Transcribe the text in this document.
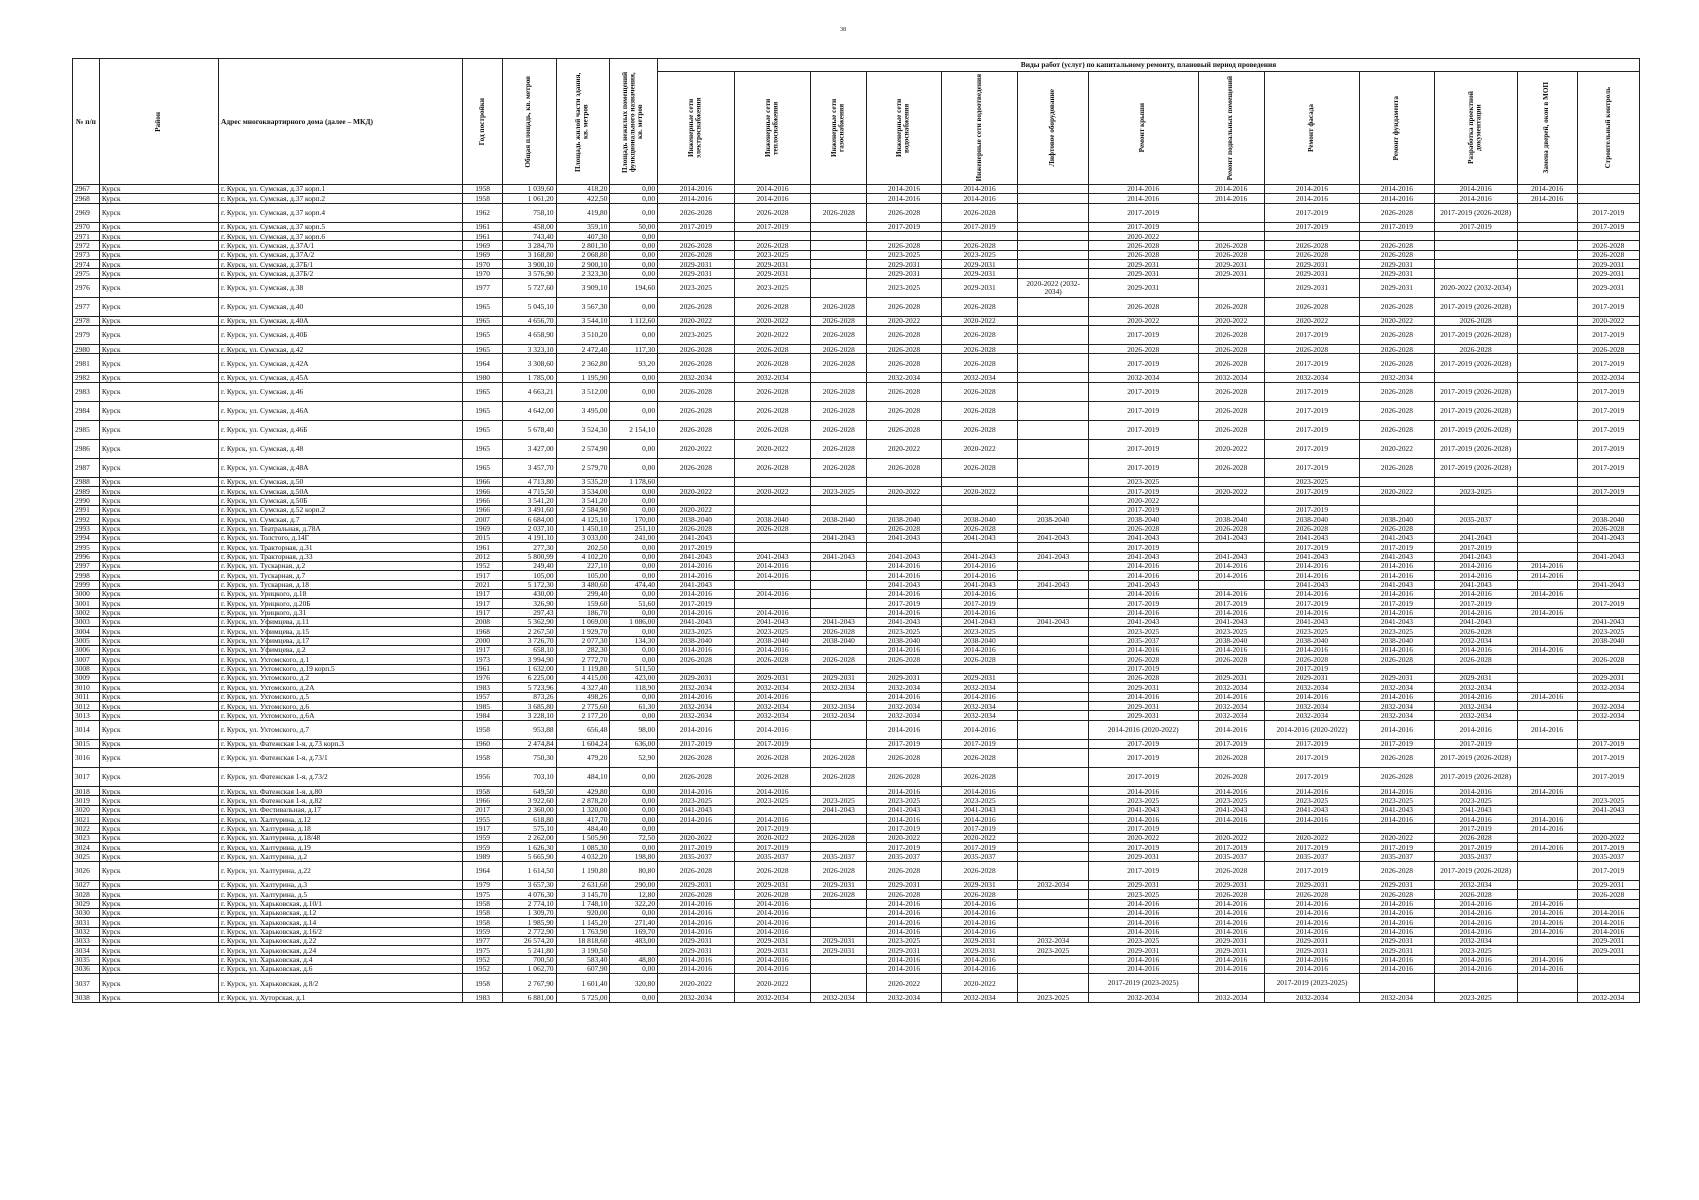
38
№ п/п	Район	Адрес многоквартирного дома (далее – МКД)	Год постройки	Общая площадь, кв. метров	Площадь жилой части здания, кв. метров	Площадь нежилых помещений функционального назначения, кв. метров	Виды работ (услуг) по капитальному ремонту, плановый период проведения												

							Инженерные сети электроснабжения	Инженерные сети теплоснабжения	Инженерные сети газоснабжения	Инженерные сети водоснабжения	Инженерные сети водоотведения	Лифтовое оборудование	Ремонт крыши	Ремонт подвальных помещений	Ремонт фасада	Ремонт фундамента	Разработка проектной документации	Замена дверей, окон в МОП	Строительный контроль

2967	Курск	г. Курск, ул. Сумская, д.37 корп.1	1958	1 039,60	418,20	0,00	2014-2016	2014-2016		2014-2016	2014-2016		2014-2016	2014-2016	2014-2016	2014-2016	2014-2016	2014-2016	
2968	Курск	г. Курск, ул. Сумская, д.37 корп.2	1958	1 061,20	422,50	0,00	2014-2016	2014-2016		2014-2016	2014-2016		2014-2016	2014-2016	2014-2016	2014-2016	2014-2016	2014-2016	
2969	Курск	г. Курск, ул. Сумская, д.37 корп.4	1962	758,10	419,80	0,00	2026-2028	2026-2028	2026-2028	2026-2028	2026-2028		2017-2019		2017-2019	2026-2028	2017-2019 (2026-2028)		2017-2019
2970	Курск	г. Курск, ул. Сумская, д.37 корп.5	1961	458,00	359,10	50,00	2017-2019	2017-2019		2017-2019	2017-2019		2017-2019		2017-2019	2017-2019	2017-2019		2017-2019
2971	Курск	г. Курск, ул. Сумская, д.37 корп.6	1961	743,40	407,30	0,00							2020-2022						
2972	Курск	г. Курск, ул. Сумская, д.37А/1	1969	3 284,70	2 801,30	0,00	2026-2028	2026-2028		2026-2028	2026-2028		2026-2028	2026-2028	2026-2028	2026-2028			2026-2028
2973	Курск	г. Курск, ул. Сумская, д.37А/2	1969	3 168,80	2 068,80	0,00	2026-2028	2023-2025		2023-2025	2023-2025		2026-2028	2026-2028	2026-2028	2026-2028			2026-2028
2974	Курск	г. Курск, ул. Сумская, д.37Б/1	1970	3 900,10	2 900,10	0,00	2029-2031	2029-2031		2029-2031	2029-2031		2029-2031	2029-2031	2029-2031	2029-2031			2029-2031
2975	Курск	г. Курск, ул. Сумская, д.37Б/2	1970	3 576,90	2 323,30	0,00	2029-2031	2029-2031		2029-2031	2029-2031		2029-2031	2029-2031	2029-2031	2029-2031			2029-2031
2976	Курск	г. Курск, ул. Сумская, д.38	1977	5 727,60	3 909,10	194,60	2023-2025	2023-2025		2023-2025	2029-2031	2020-2022 (2032-2034)	2029-2031		2029-2031	2029-2031	2020-2022 (2032-2034)		2029-2031
2977	Курск	г. Курск, ул. Сумская, д.40	1965	5 045,10	3 567,30	0,00	2026-2028	2026-2028	2026-2028	2026-2028	2026-2028		2026-2028	2026-2028	2026-2028	2026-2028	2017-2019 (2026-2028)		2017-2019
2978	Курск	г. Курск, ул. Сумская, д.40А	1965	4 656,70	3 544,10	1 112,60	2020-2022	2020-2022	2026-2028	2020-2022	2020-2022		2020-2022	2020-2022	2020-2022	2020-2022	2026-2028		2020-2022
2979	Курск	г. Курск, ул. Сумская, д.40Б	1965	4 658,90	3 510,20	0,00	2023-2025	2020-2022	2026-2028	2026-2028	2026-2028		2017-2019	2026-2028	2017-2019	2026-2028	2017-2019 (2026-2028)		2017-2019
2980	Курск	г. Курск, ул. Сумская, д.42	1965	3 323,10	2 472,40	117,30	2026-2028	2026-2028	2026-2028	2026-2028	2026-2028		2026-2028	2026-2028	2026-2028	2026-2028	2026-2028		2026-2028
2981	Курск	г. Курск, ул. Сумская, д.42А	1964	3 308,60	2 362,80	93,20	2026-2028	2026-2028	2026-2028	2026-2028	2026-2028		2017-2019	2026-2028	2017-2019	2026-2028	2017-2019 (2026-2028)		2017-2019
2982	Курск	г. Курск, ул. Сумская, д.45А	1980	1 785,00	1 195,90	0,00	2032-2034	2032-2034		2032-2034	2032-2034		2032-2034	2032-2034	2032-2034	2032-2034			2032-2034
2983	Курск	г. Курск, ул. Сумская, д.46	1965	4 663,21	3 512,00	0,00	2026-2028	2026-2028	2026-2028	2026-2028	2026-2028		2017-2019	2026-2028	2017-2019	2026-2028	2017-2019 (2026-2028)		2017-2019
2984	Курск	г. Курск, ул. Сумская, д.46А	1965	4 642,00	3 495,00	0,00	2026-2028	2026-2028	2026-2028	2026-2028	2026-2028		2017-2019	2026-2028	2017-2019	2026-2028	2017-2019 (2026-2028)		2017-2019
2985	Курск	г. Курск, ул. Сумская, д.46Б	1965	5 678,40	3 524,30	2 154,10	2026-2028	2026-2028	2026-2028	2026-2028	2026-2028		2017-2019	2026-2028	2017-2019	2026-2028	2017-2019 (2026-2028)		2017-2019
2986	Курск	г. Курск, ул. Сумская, д.48	1965	3 427,00	2 574,90	0,00	2020-2022	2020-2022	2026-2028	2020-2022	2020-2022		2017-2019	2020-2022	2017-2019	2020-2022	2017-2019 (2026-2028)		2017-2019
2987	Курск	г. Курск, ул. Сумская, д.48А	1965	3 457,70	2 579,70	0,00	2026-2028	2026-2028	2026-2028	2026-2028	2026-2028		2017-2019	2026-2028	2017-2019	2026-2028	2017-2019 (2026-2028)		2017-2019
2988	Курск	г. Курск, ул. Сумская, д.50	1966	4 713,80	3 535,20	1 178,60							2023-2025		2023-2025				
2989	Курск	г. Курск, ул. Сумская, д.50А	1966	4 715,50	3 534,00	0,00	2020-2022	2020-2022	2023-2025	2020-2022	2020-2022		2017-2019	2020-2022	2017-2019	2020-2022	2023-2025		2017-2019
2990	Курск	г. Курск, ул. Сумская, д.50Б	1966	3 541,20	3 541,20	0,00							2020-2022						
2991	Курск	г. Курск, ул. Сумская, д.52 корп.2	1966	3 491,60	2 584,90	0,00	2020-2022						2017-2019		2017-2019				
2992	Курск	г. Курск, ул. Сумская, д.7	2007	6 684,00	4 125,10	170,00	2038-2040	2038-2040	2038-2040	2038-2040	2038-2040	2038-2040	2038-2040	2038-2040	2038-2040	2038-2040	2035-2037		2038-2040
2993	Курск	г. Курск, ул. Театральная, д.78А	1969	2 037,10	1 450,10	251,10	2026-2028	2026-2028		2026-2028	2026-2028		2026-2028	2026-2028	2026-2028	2026-2028			2026-2028
2994	Курск	г. Курск, ул. Толстого, д.14Г	2015	4 191,10	3 033,00	241,00	2041-2043		2041-2043	2041-2043	2041-2043	2041-2043	2041-2043	2041-2043	2041-2043	2041-2043	2041-2043		2041-2043
2995	Курск	г. Курск, ул. Тракторная, д.31	1961	277,30	202,50	0,00	2017-2019						2017-2019		2017-2019	2017-2019	2017-2019		
2996	Курск	г. Курск, ул. Тракторная, д.33	2012	5 800,99	4 102,20	0,00	2041-2043	2041-2043	2041-2043	2041-2043	2041-2043	2041-2043	2041-2043	2041-2043	2041-2043	2041-2043	2041-2043		2041-2043
2997	Курск	г. Курск, ул. Тускарная, д.2	1952	249,40	227,10	0,00	2014-2016	2014-2016		2014-2016	2014-2016		2014-2016	2014-2016	2014-2016	2014-2016	2014-2016	2014-2016	
2998	Курск	г. Курск, ул. Тускарная, д.7	1917	105,00	105,00	0,00	2014-2016	2014-2016		2014-2016	2014-2016		2014-2016	2014-2016	2014-2016	2014-2016	2014-2016	2014-2016	
2999	Курск	г. Курск, ул. Тускарная, д.18	2021	5 172,30	3 480,60	474,40	2041-2043			2041-2043	2041-2043	2041-2043	2041-2043		2041-2043	2041-2043	2041-2043		2041-2043
3000	Курск	г. Курск, ул. Урицкого, д.18	1917	430,00	299,40	0,00	2014-2016	2014-2016		2014-2016	2014-2016		2014-2016	2014-2016	2014-2016	2014-2016	2014-2016	2014-2016	
3001	Курск	г. Курск, ул. Урицкого, д.20Б	1917	326,90	159,60	51,60	2017-2019			2017-2019	2017-2019		2017-2019	2017-2019	2017-2019	2017-2019	2017-2019		2017-2019
3002	Курск	г. Курск, ул. Урицкого, д.31	1917	297,43	186,70	0,00	2014-2016	2014-2016		2014-2016	2014-2016		2014-2016	2014-2016	2014-2016	2014-2016	2014-2016	2014-2016	
3003	Курск	г. Курск, ул. Уфимцева, д.11	2008	5 362,90	1 069,00	1 086,00	2041-2043	2041-2043	2041-2043	2041-2043	2041-2043	2041-2043	2041-2043	2041-2043	2041-2043	2041-2043	2041-2043		2041-2043
3004	Курск	г. Курск, ул. Уфимцева, д.15	1968	2 267,50	1 929,70	0,00	2023-2025	2023-2025	2026-2028	2023-2025	2023-2025		2023-2025	2023-2025	2023-2025	2023-2025	2026-2028		2023-2025
3005	Курск	г. Курск, ул. Уфимцева, д.17	2000	3 726,70	2 077,30	134,30	2038-2040	2038-2040	2038-2040	2038-2040	2038-2040		2035-2037	2038-2040	2038-2040	2038-2040	2032-2034		2038-2040
3006	Курск	г. Курск, ул. Уфимцева, д.2	1917	658,10	282,30	0,00	2014-2016	2014-2016		2014-2016	2014-2016		2014-2016	2014-2016	2014-2016	2014-2016	2014-2016	2014-2016	
3007	Курск	г. Курск, ул. Ухтомского, д.1	1973	3 994,90	2 772,70	0,00	2026-2028	2026-2028	2026-2028	2026-2028	2026-2028		2026-2028	2026-2028	2026-2028	2026-2028	2026-2028		2026-2028
3008	Курск	г. Курск, ул. Ухтомского, д.19 корп.5	1961	1 632,00	1 119,80	511,50							2017-2019		2017-2019				
3009	Курск	г. Курск, ул. Ухтомского, д.2	1976	6 225,00	4 415,00	423,00	2029-2031	2029-2031	2029-2031	2029-2031	2029-2031		2026-2028	2029-2031	2029-2031	2029-2031	2029-2031		2029-2031
3010	Курск	г. Курск, ул. Ухтомского, д.2А	1983	5 723,96	4 327,40	118,90	2032-2034	2032-2034	2032-2034	2032-2034	2032-2034		2029-2031	2032-2034	2032-2034	2032-2034	2032-2034		2032-2034
3011	Курск	г. Курск, ул. Ухтомского, д.5	1957	873,26	498,26	0,00	2014-2016	2014-2016		2014-2016	2014-2016		2014-2016	2014-2016	2014-2016	2014-2016	2014-2016	2014-2016	
3012	Курск	г. Курск, ул. Ухтомского, д.6	1985	3 685,80	2 775,60	61,30	2032-2034	2032-2034	2032-2034	2032-2034	2032-2034		2029-2031	2032-2034	2032-2034	2032-2034	2032-2034		2032-2034
3013	Курск	г. Курск, ул. Ухтомского, д.6А	1984	3 228,10	2 177,20	0,00	2032-2034	2032-2034	2032-2034	2032-2034	2032-2034		2029-2031	2032-2034	2032-2034	2032-2034	2032-2034		2032-2034
3014	Курск	г. Курск, ул. Ухтомского, д.7	1958	953,88	656,48	98,00	2014-2016	2014-2016		2014-2016	2014-2016		2014-2016 (2020-2022)	2014-2016	2014-2016 (2020-2022)	2014-2016	2014-2016	2014-2016	
3015	Курск	г. Курск, ул. Фатежская 1-я, д.73 корп.3	1960	2 474,84	1 604,24	636,00	2017-2019	2017-2019		2017-2019	2017-2019		2017-2019	2017-2019	2017-2019	2017-2019	2017-2019		2017-2019
3016	Курск	г. Курск, ул. Фатежская 1-я, д.73/1	1958	750,30	479,20	52,90	2026-2028	2026-2028	2026-2028	2026-2028	2026-2028		2017-2019	2026-2028	2017-2019	2026-2028	2017-2019 (2026-2028)		2017-2019
3017	Курск	г. Курск, ул. Фатежская 1-я, д.73/2	1956	703,10	484,10	0,00	2026-2028	2026-2028	2026-2028	2026-2028	2026-2028		2017-2019	2026-2028	2017-2019	2026-2028	2017-2019 (2026-2028)		2017-2019
3018	Курск	г. Курск, ул. Фатежская 1-я, д.80	1958	649,50	429,80	0,00	2014-2016	2014-2016		2014-2016	2014-2016		2014-2016	2014-2016	2014-2016	2014-2016	2014-2016	2014-2016	
3019	Курск	г. Курск, ул. Фатежская 1-я, д.82	1966	3 922,60	2 878,20	0,00	2023-2025	2023-2025	2023-2025	2023-2025	2023-2025		2023-2025	2023-2025	2023-2025	2023-2025	2023-2025		2023-2025
3020	Курск	г. Курск, ул. Фестивальная, д.17	2017	2 360,00	1 320,00	0,00	2041-2043		2041-2043	2041-2043	2041-2043		2041-2043	2041-2043	2041-2043	2041-2043	2041-2043		2041-2043
3021	Курск	г. Курск, ул. Халтурина, д.12	1955	618,80	417,70	0,00	2014-2016	2014-2016		2014-2016	2014-2016		2014-2016	2014-2016	2014-2016	2014-2016	2014-2016	2014-2016	
3022	Курск	г. Курск, ул. Халтурина, д.18	1917	575,10	484,40	0,00		2017-2019		2017-2019	2017-2019		2017-2019				2017-2019	2014-2016	
3023	Курск	г. Курск, ул. Халтурина, д.18/48	1959	2 262,00	1 505,90	72,50	2020-2022	2020-2022	2026-2028	2020-2022	2020-2022		2020-2022	2020-2022	2020-2022	2020-2022	2026-2028		2020-2022
3024	Курск	г. Курск, ул. Халтурина, д.19	1959	1 626,30	1 085,30	0,00	2017-2019	2017-2019		2017-2019	2017-2019		2017-2019	2017-2019	2017-2019	2017-2019	2017-2019	2014-2016	2017-2019
3025	Курск	г. Курск, ул. Халтурина, д.2	1989	5 665,90	4 032,20	198,80	2035-2037	2035-2037	2035-2037	2035-2037	2035-2037		2029-2031	2035-2037	2035-2037	2035-2037	2035-2037		2035-2037
3026	Курск	г. Курск, ул. Халтурина, д.22	1964	1 614,50	1 190,80	80,80	2026-2028	2026-2028	2026-2028	2026-2028	2026-2028		2017-2019	2026-2028	2017-2019	2026-2028	2017-2019 (2026-2028)		2017-2019
3027	Курск	г. Курск, ул. Халтурина, д.3	1979	3 657,30	2 631,60	290,00	2029-2031	2029-2031	2029-2031	2029-2031	2029-2031	2032-2034	2029-2031	2029-2031	2029-2031	2029-2031	2032-2034		2029-2031
3028	Курск	г. Курск, ул. Халтурина, д.5	1975	4 076,30	3 145,70	12,80	2026-2028	2026-2028	2026-2028	2026-2028	2026-2028		2023-2025	2026-2028	2026-2028	2026-2028	2026-2028		2026-2028
3029	Курск	г. Курск, ул. Харьковская, д.10/1	1958	2 774,10	1 748,10	322,20	2014-2016	2014-2016		2014-2016	2014-2016		2014-2016	2014-2016	2014-2016	2014-2016	2014-2016	2014-2016	
3030	Курск	г. Курск, ул. Харьковская, д.12	1958	1 309,70	920,00	0,00	2014-2016	2014-2016		2014-2016	2014-2016		2014-2016	2014-2016	2014-2016	2014-2016	2014-2016	2014-2016	2014-2016
3031	Курск	г. Курск, ул. Харьковская, д.14	1958	1 985,90	1 145,20	271,40	2014-2016	2014-2016		2014-2016	2014-2016		2014-2016	2014-2016	2014-2016	2014-2016	2014-2016	2014-2016	2014-2016
3032	Курск	г. Курск, ул. Харьковская, д.16/2	1959	2 772,90	1 763,90	169,70	2014-2016	2014-2016		2014-2016	2014-2016		2014-2016	2014-2016	2014-2016	2014-2016	2014-2016	2014-2016	2014-2016
3033	Курск	г. Курск, ул. Харьковская, д.22	1977	26 574,20	18 818,60	483,00	2029-2031	2029-2031	2029-2031	2023-2025	2029-2031	2032-2034	2023-2025	2029-2031	2029-2031	2029-2031	2032-2034		2029-2031
3034	Курск	г. Курск, ул. Харьковская, д.24	1975	5 241,80	3 190,50		2029-2031	2029-2031	2029-2031	2029-2031	2029-2031	2023-2025	2029-2031	2029-2031	2029-2031	2029-2031	2023-2025		2029-2031
3035	Курск	г. Курск, ул. Харьковская, д.4	1952	700,50	583,40	48,80	2014-2016	2014-2016		2014-2016	2014-2016		2014-2016	2014-2016	2014-2016	2014-2016	2014-2016	2014-2016	
3036	Курск	г. Курск, ул. Харьковская, д.6	1952	1 062,70	607,90	0,00	2014-2016	2014-2016		2014-2016	2014-2016		2014-2016	2014-2016	2014-2016	2014-2016	2014-2016	2014-2016	
3037	Курск	г. Курск, ул. Харьковская, д.8/2	1958	2 767,90	1 601,40	320,80	2020-2022	2020-2022		2020-2022	2020-2022		2017-2019 (2023-2025)		2017-2019 (2023-2025)				
3038	Курск	г. Курск, ул. Хуторская, д.1	1983	6 881,00	5 725,00	0,00	2032-2034	2032-2034	2032-2034	2032-2034	2032-2034	2023-2025	2032-2034	2032-2034	2032-2034	2032-2034	2023-2025		2032-2034
